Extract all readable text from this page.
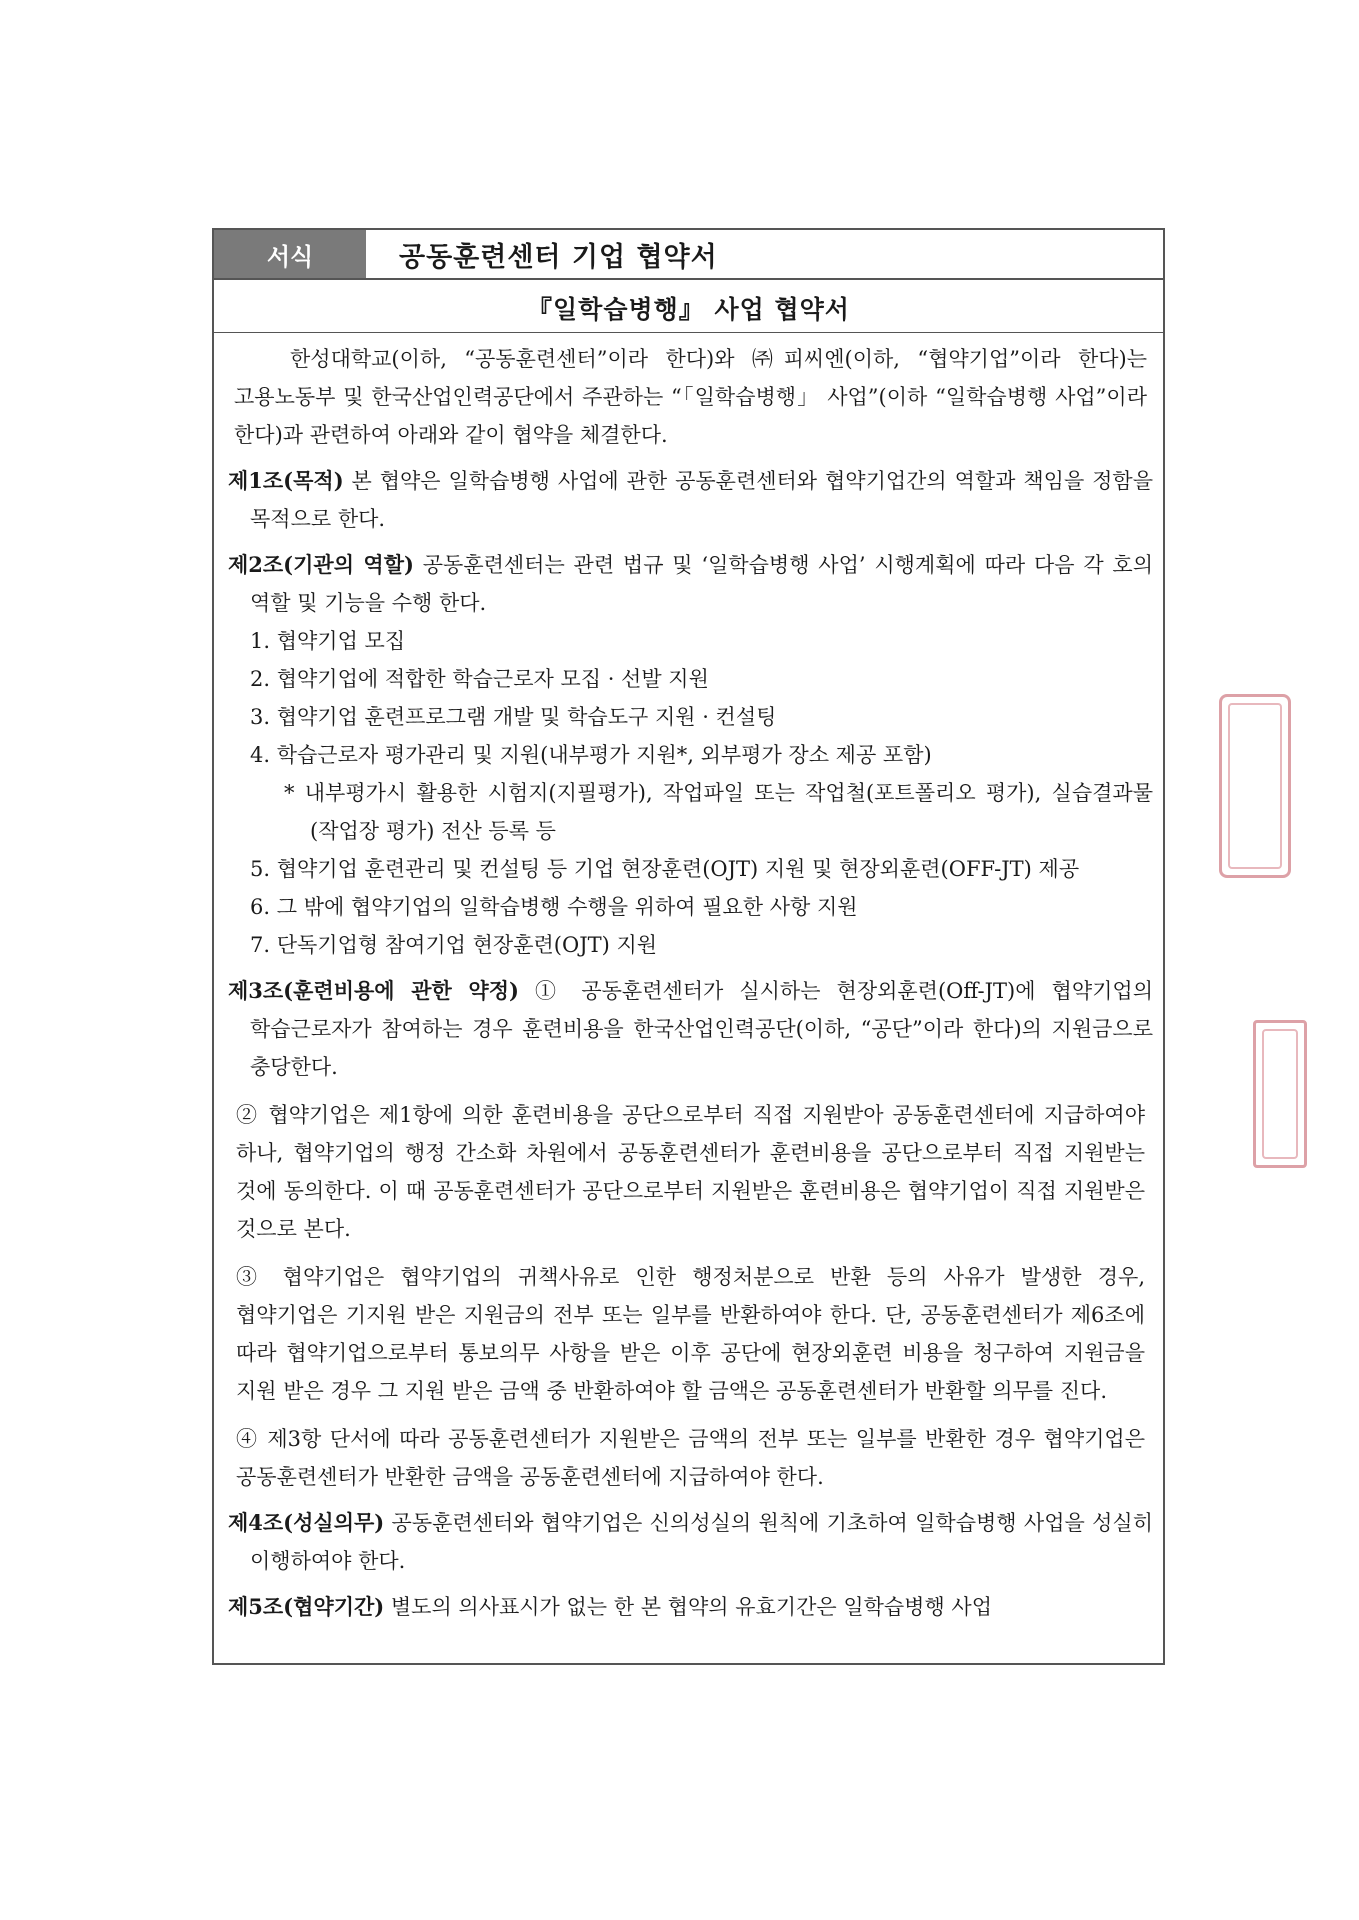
서식	공동훈련센터 기업 협약서
『일학습병행』 사업 협약서

한성대학교(이하, “공동훈련센터”이라 한다)와 ㈜피씨엔(이하, “협약기업”이라 한다)는 고용노동부 및 한국산업인력공단에서 주관하는 “「일학습병행」 사업”(이하 “일학습병행 사업”이라 한다)과 관련하여 아래와 같이 협약을 체결한다.

제1조(목적) 본 협약은 일학습병행 사업에 관한 공동훈련센터와 협약기업간의 역할과 책임을 정함을 목적으로 한다.

제2조(기관의 역할) 공동훈련센터는 관련 법규 및 ‘일학습병행 사업’ 시행계획에 따라 다음 각 호의 역할 및 기능을 수행 한다.

1. 협약기업 모집

2. 협약기업에 적합한 학습근로자 모집 · 선발 지원

3. 협약기업 훈련프로그램 개발 및 학습도구 지원 · 컨설팅

4. 학습근로자 평가관리 및 지원(내부평가 지원*, 외부평가 장소 제공 포함)

* 내부평가시 활용한 시험지(지필평가), 작업파일 또는 작업철(포트폴리오 평가), 실습결과물(작업장 평가) 전산 등록 등

5. 협약기업 훈련관리 및 컨설팅 등 기업 현장훈련(OJT) 지원 및 현장외훈련(OFF-JT) 제공

6. 그 밖에 협약기업의 일학습병행 수행을 위하여 필요한 사항 지원

7. 단독기업형 참여기업 현장훈련(OJT) 지원

제3조(훈련비용에 관한 약정) ① 공동훈련센터가 실시하는 현장외훈련(Off-JT)에 협약기업의 학습근로자가 참여하는 경우 훈련비용을 한국산업인력공단(이하, “공단”이라 한다)의 지원금으로 충당한다.

② 협약기업은 제1항에 의한 훈련비용을 공단으로부터 직접 지원받아 공동훈련센터에 지급하여야 하나, 협약기업의 행정 간소화 차원에서 공동훈련센터가 훈련비용을 공단으로부터 직접 지원받는 것에 동의한다. 이 때 공동훈련센터가 공단으로부터 지원받은 훈련비용은 협약기업이 직접 지원받은 것으로 본다.

③ 협약기업은 협약기업의 귀책사유로 인한 행정처분으로 반환 등의 사유가 발생한 경우, 협약기업은 기지원 받은 지원금의 전부 또는 일부를 반환하여야 한다. 단, 공동훈련센터가 제6조에 따라 협약기업으로부터 통보의무 사항을 받은 이후 공단에 현장외훈련 비용을 청구하여 지원금을 지원 받은 경우 그 지원 받은 금액 중 반환하여야 할 금액은 공동훈련센터가 반환할 의무를 진다.

④ 제3항 단서에 따라 공동훈련센터가 지원받은 금액의 전부 또는 일부를 반환한 경우 협약기업은 공동훈련센터가 반환한 금액을 공동훈련센터에 지급하여야 한다.

제4조(성실의무) 공동훈련센터와 협약기업은 신의성실의 원칙에 기초하여 일학습병행 사업을 성실히 이행하여야 한다.

제5조(협약기간) 별도의 의사표시가 없는 한 본 협약의 유효기간은 일학습병행 사업
